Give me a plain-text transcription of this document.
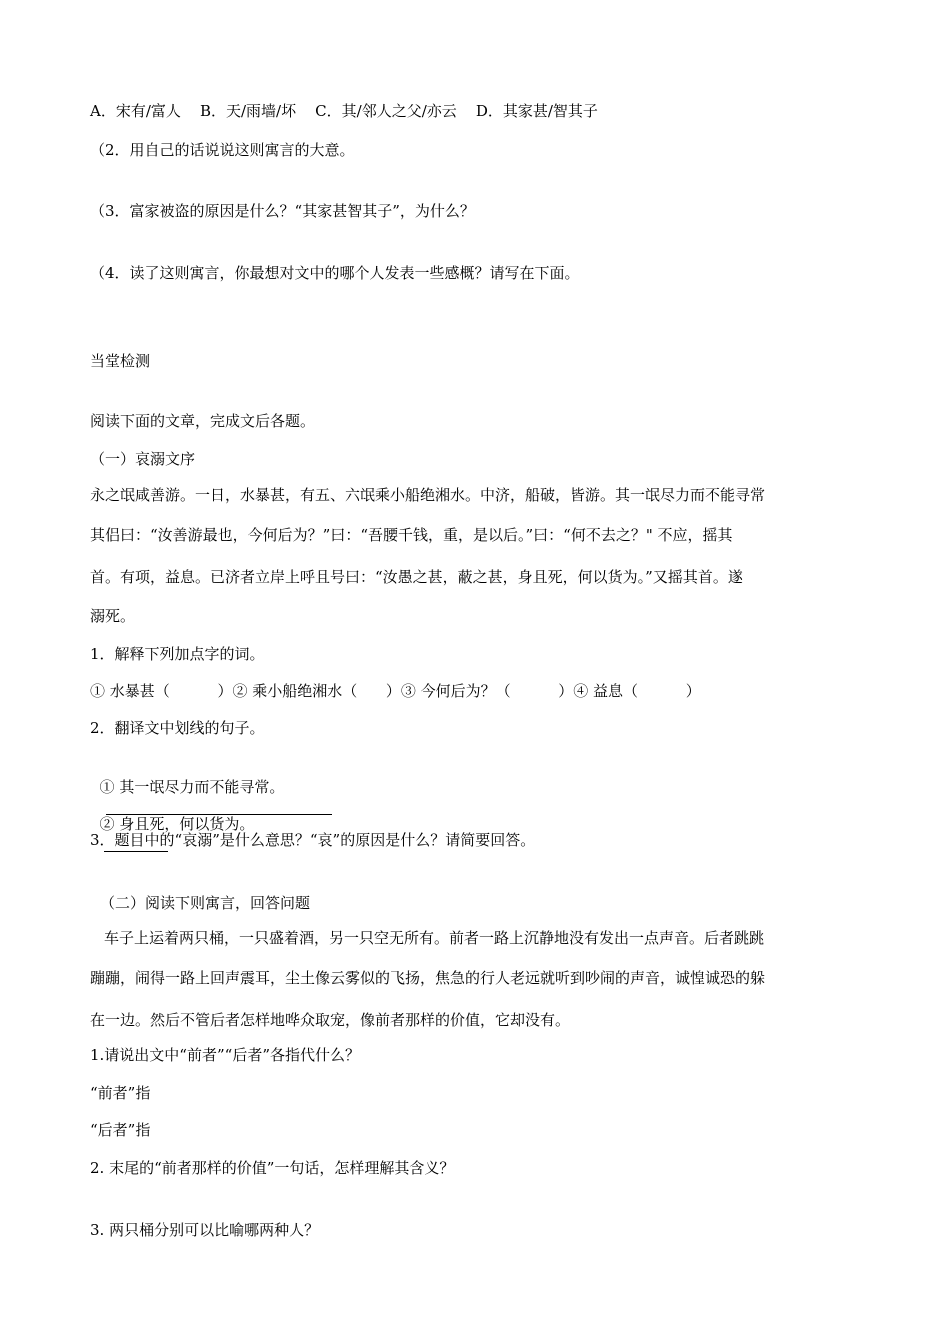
A．宋有/富人    B．天/雨墙/坏    C．其/邻人之父/亦云    D．其家甚/智其子
（2．用自己的话说说这则寓言的大意。
（3．富家被盗的原因是什么？“其家甚智其子”，为什么？
（4．读了这则寓言，你最想对文中的哪个人发表一些感概？请写在下面。
当堂检测
阅读下面的文章，完成文后各题。
（一）哀溺文序
永之氓咸善游。一日，水暴甚，有五、六氓乘小船绝湘水。中济，船破，皆游。其一氓尽力而不能寻常
其侣曰：“汝善游最也，今何后为？”曰：“吾腰千钱，重，是以后。”曰：“何不去之？" 不应，摇其
首。有项，益息。已济者立岸上呼且号曰：“汝愚之甚，蔽之甚，身且死，何以货为。”又摇其首。遂
溺死。
1．解释下列加点字的词。
① 水暴甚（          ）② 乘小船绝湘水（      ）③ 今何后为？（          ）④ 益息（          ）
2．翻译文中划线的句子。

① 其一氓尽力而不能寻常。

② 身且死，何以货为。

3．题目中的“哀溺”是什么意思？“哀”的原因是什么？请简要回答。
（二）阅读下则寓言，回答问题
车子上运着两只桶，一只盛着酒，另一只空无所有。前者一路上沉静地没有发出一点声音。后者跳跳
蹦蹦，闹得一路上回声震耳，尘土像云雾似的飞扬，焦急的行人老远就听到吵闹的声音，诚惶诚恐的躲
在一边。然后不管后者怎样地哗众取宠，像前者那样的价值，它却没有。
1.请说出文中“前者”“后者”各指代什么？
“前者”指
“后者”指
2. 末尾的“前者那样的价值”一句话，怎样理解其含义？
3. 两只桶分别可以比喻哪两种人？
